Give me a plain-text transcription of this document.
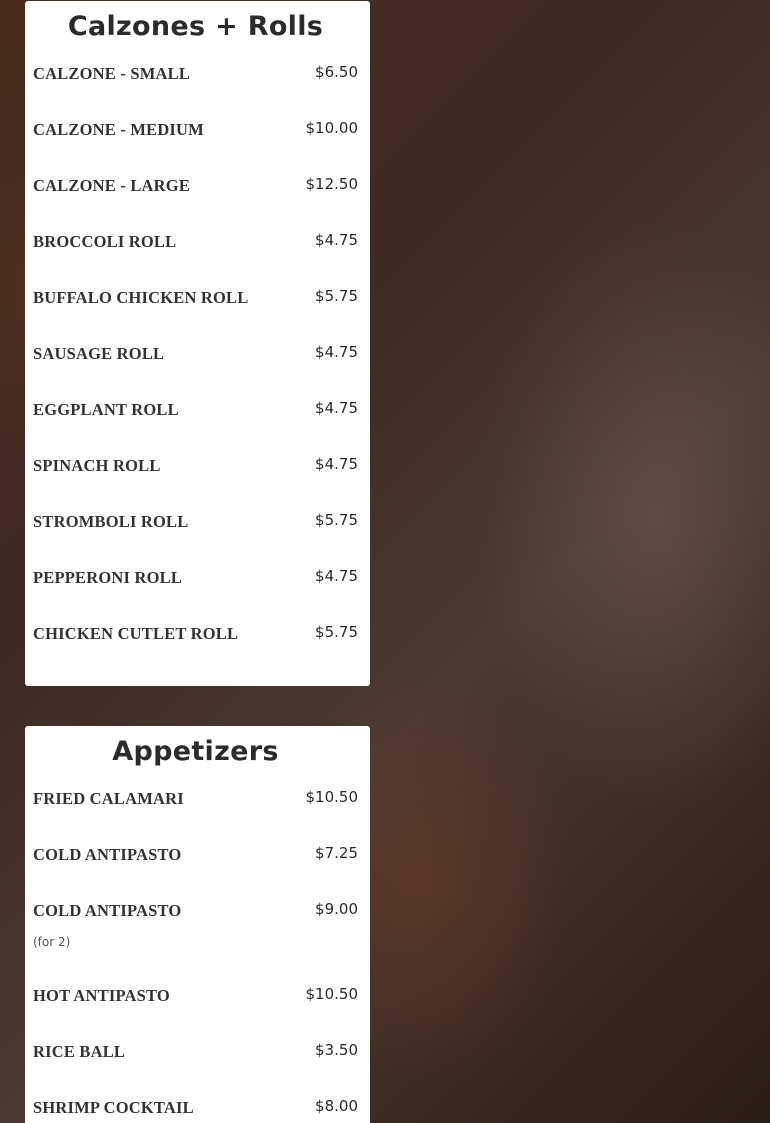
Calzones + Rolls
CALZONE - SMALL	$6.50
CALZONE - MEDIUM	$10.00
CALZONE - LARGE	$12.50
BROCCOLI ROLL	$4.75
BUFFALO CHICKEN ROLL	$5.75
SAUSAGE ROLL	$4.75
EGGPLANT ROLL	$4.75
SPINACH ROLL	$4.75
STROMBOLI ROLL	$5.75
PEPPERONI ROLL	$4.75
CHICKEN CUTLET ROLL	$5.75
Appetizers
FRIED CALAMARI	$10.50
COLD ANTIPASTO	$7.25
COLD ANTIPASTO	$9.00
(for 2)
HOT ANTIPASTO	$10.50
RICE BALL	$3.50
SHRIMP COCKTAIL	$8.00
